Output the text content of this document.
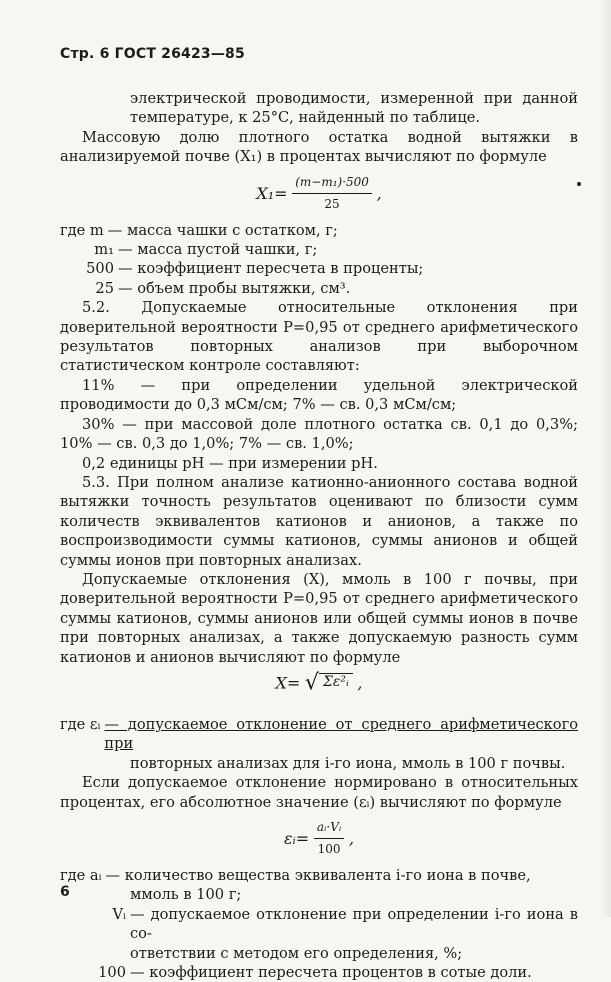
Стр. 6 ГОСТ 26423—85

электрической проводимости, измеренной при данной температуре, к 25°С, найденный по таблице.

Массовую долю плотного остатка водной вытяжки в анализируемой почве (X₁) в процентах вычисляют по формуле

$X_1= \frac{\text{(m−m₁)·500}}{25}$ ,
где m — масса чашки с остатком, г;
m₁ — масса пустой чашки, г;
500 — коэффициент пересчета в проценты;
25 — объем пробы вытяжки, см³.

5.2. Допускаемые относительные отклонения при доверительной вероятности P=0,95 от среднего арифметического результатов повторных анализов при выборочном статистическом контроле составляют:

11% — при определении удельной электрической проводимости до 0,3 мСм/см; 7% — св. 0,3 мСм/см;

30% — при массовой доле плотного остатка св. 0,1 до 0,3%; 10% — св. 0,3 до 1,0%; 7% — св. 1,0%;

0,2 единицы pH — при измерении pH.

5.3. При полном анализе катионно-анионного состава водной вытяжки точность результатов оценивают по близости сумм количеств эквивалентов катионов и анионов, а также по воспроизводимости суммы катионов, суммы анионов и общей суммы ионов при повторных анализах.

Допускаемые отклонения (X), ммоль в 100 г почвы, при доверительной вероятности P=0,95 от среднего арифметического суммы катионов, суммы анионов или общей суммы ионов в почве при повторных анализах, а также допускаемую разность сумм катионов и анионов вычисляют по формуле

X= √ Σε²ᵢ ,
где εᵢ — допускаемое отклонение от среднего арифметического при

повторных анализах для i-го иона, ммоль в 100 г почвы.

Если допускаемое отклонение нормировано в относительных процентах, его абсолютное значение (εᵢ) вычисляют по формуле

εᵢ= $\frac{\text{aᵢ·Vᵢ}}{100}$ ,
где aᵢ — количество вещества эквивалента i-го иона в почве,

ммоль в 100 г;

Vᵢ — допускаемое отклонение при определении i-го иона в со-

ответствии с методом его определения, %;

100 — коэффициент пересчета процентов в сотые доли.
6
